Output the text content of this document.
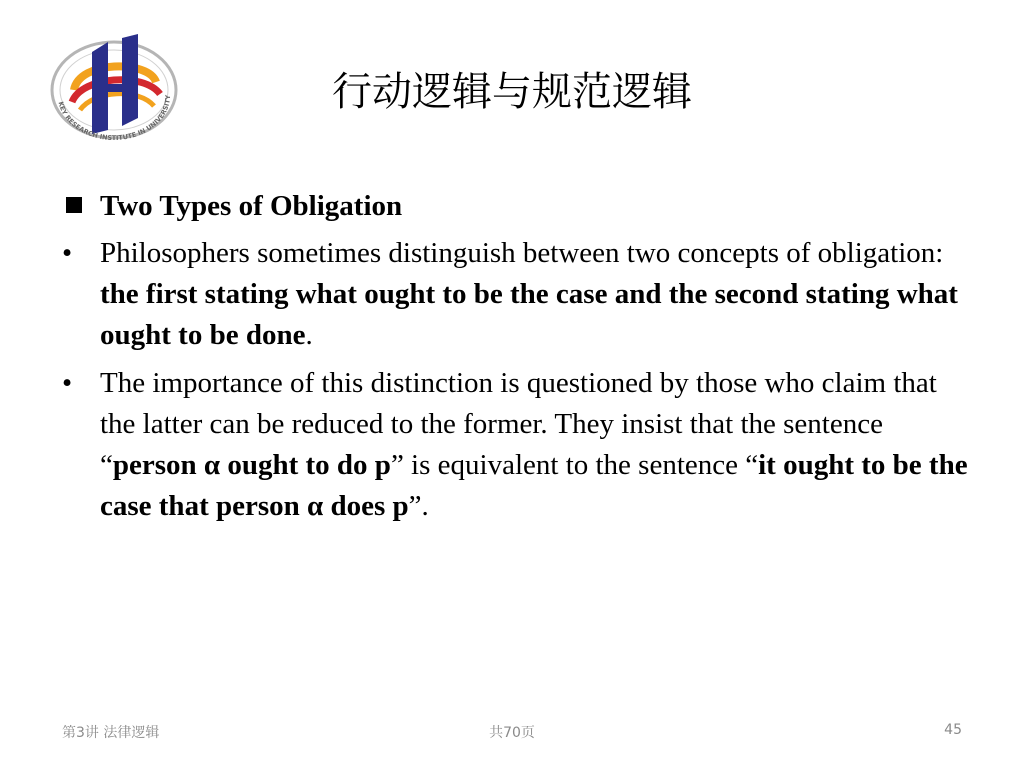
KEY RESEARCH INSTITUTE IN UNIVERSITY	行动逻辑与规范逻辑
Two Types of Obligation
• Philosophers sometimes distinguish between two concepts of obligation: the first stating what ought to be the case and the second stating what ought to be done.
• The importance of this distinction is questioned by those who claim that the latter can be reduced to the former. They insist that the sentence “person α ought to do p” is equivalent to the sentence “it ought to be the case that person α does p”.
第3讲 法律逻辑	共70页	45
